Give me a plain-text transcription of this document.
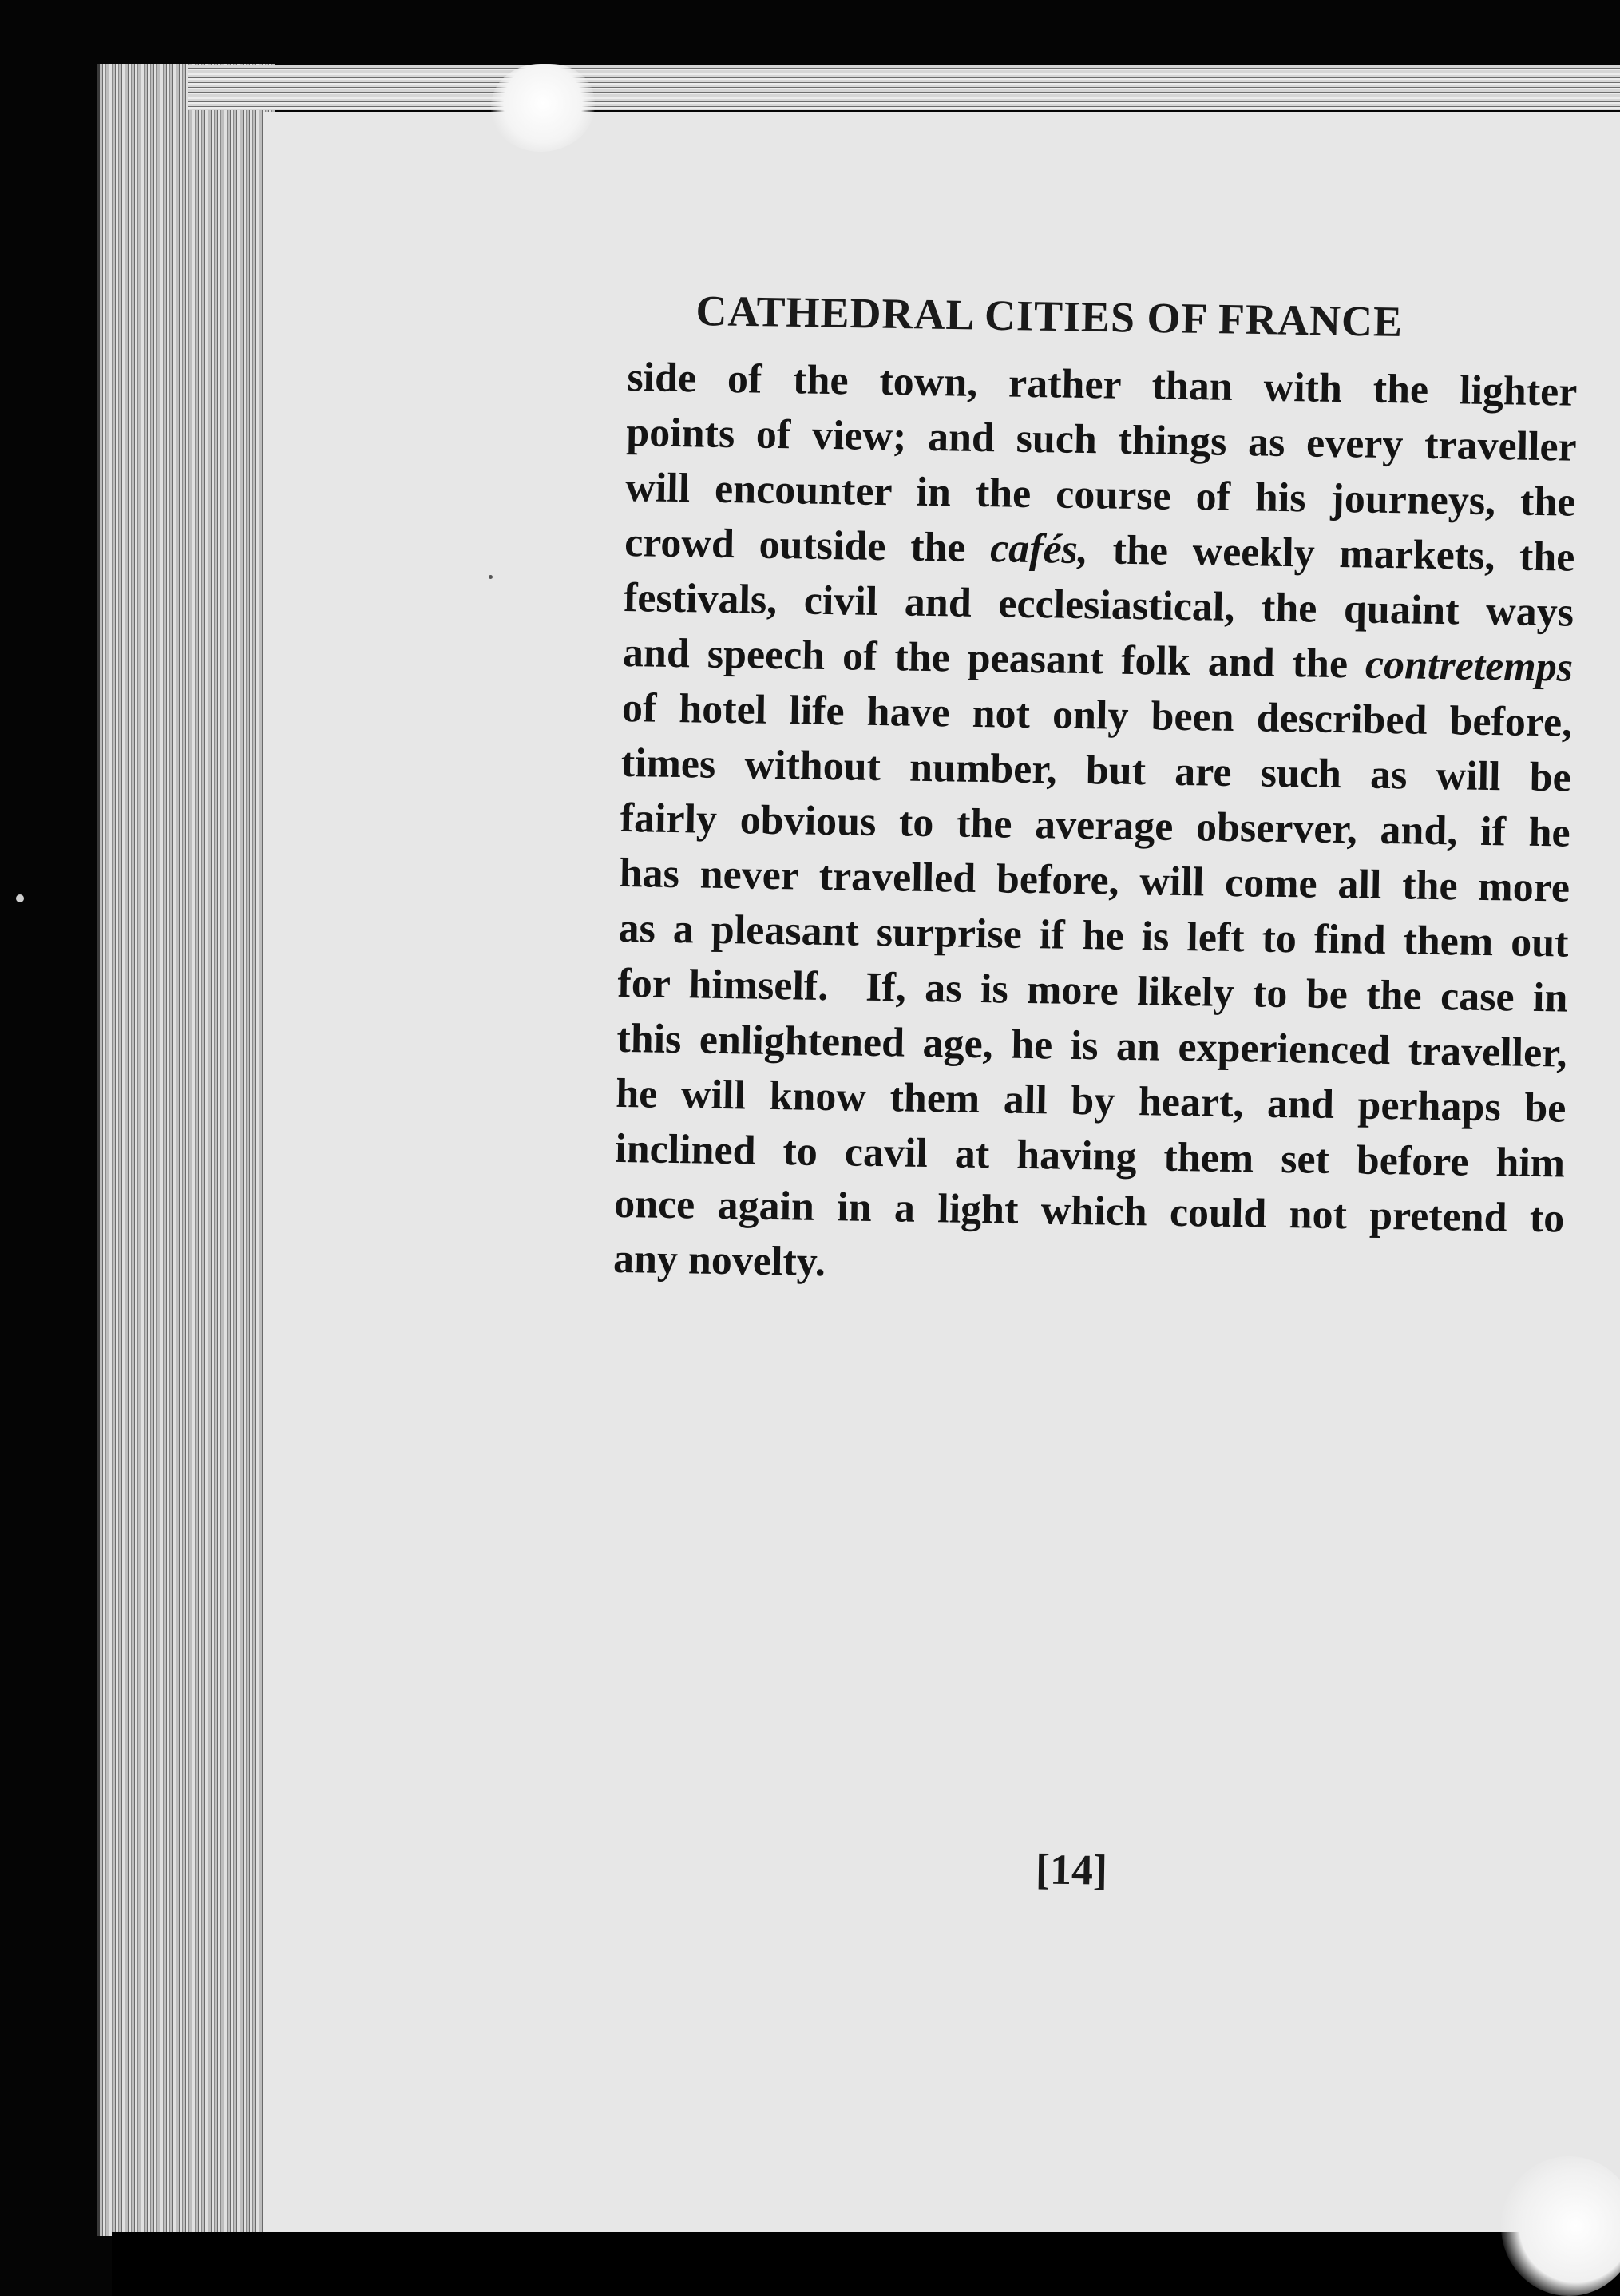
CATHEDRAL CITIES OF FRANCE
side of the town, rather than with the lighter
points of view; and such things as every traveller
will encounter in the course of his journeys, the
crowd outside the cafés, the weekly markets, the
festivals, civil and ecclesiastical, the quaint ways
and speech of the peasant folk and the contretemps
of hotel life have not only been described before,
times without number, but are such as will be
fairly obvious to the average observer, and, if he
has never travelled before, will come all the more
as a pleasant surprise if he is left to find them out
for himself.  If, as is more likely to be the case in
this enlightened age, he is an experienced traveller,
he will know them all by heart, and perhaps be
inclined to cavil at having them set before him
once again in a light which could not pretend to
any novelty.
[14]
